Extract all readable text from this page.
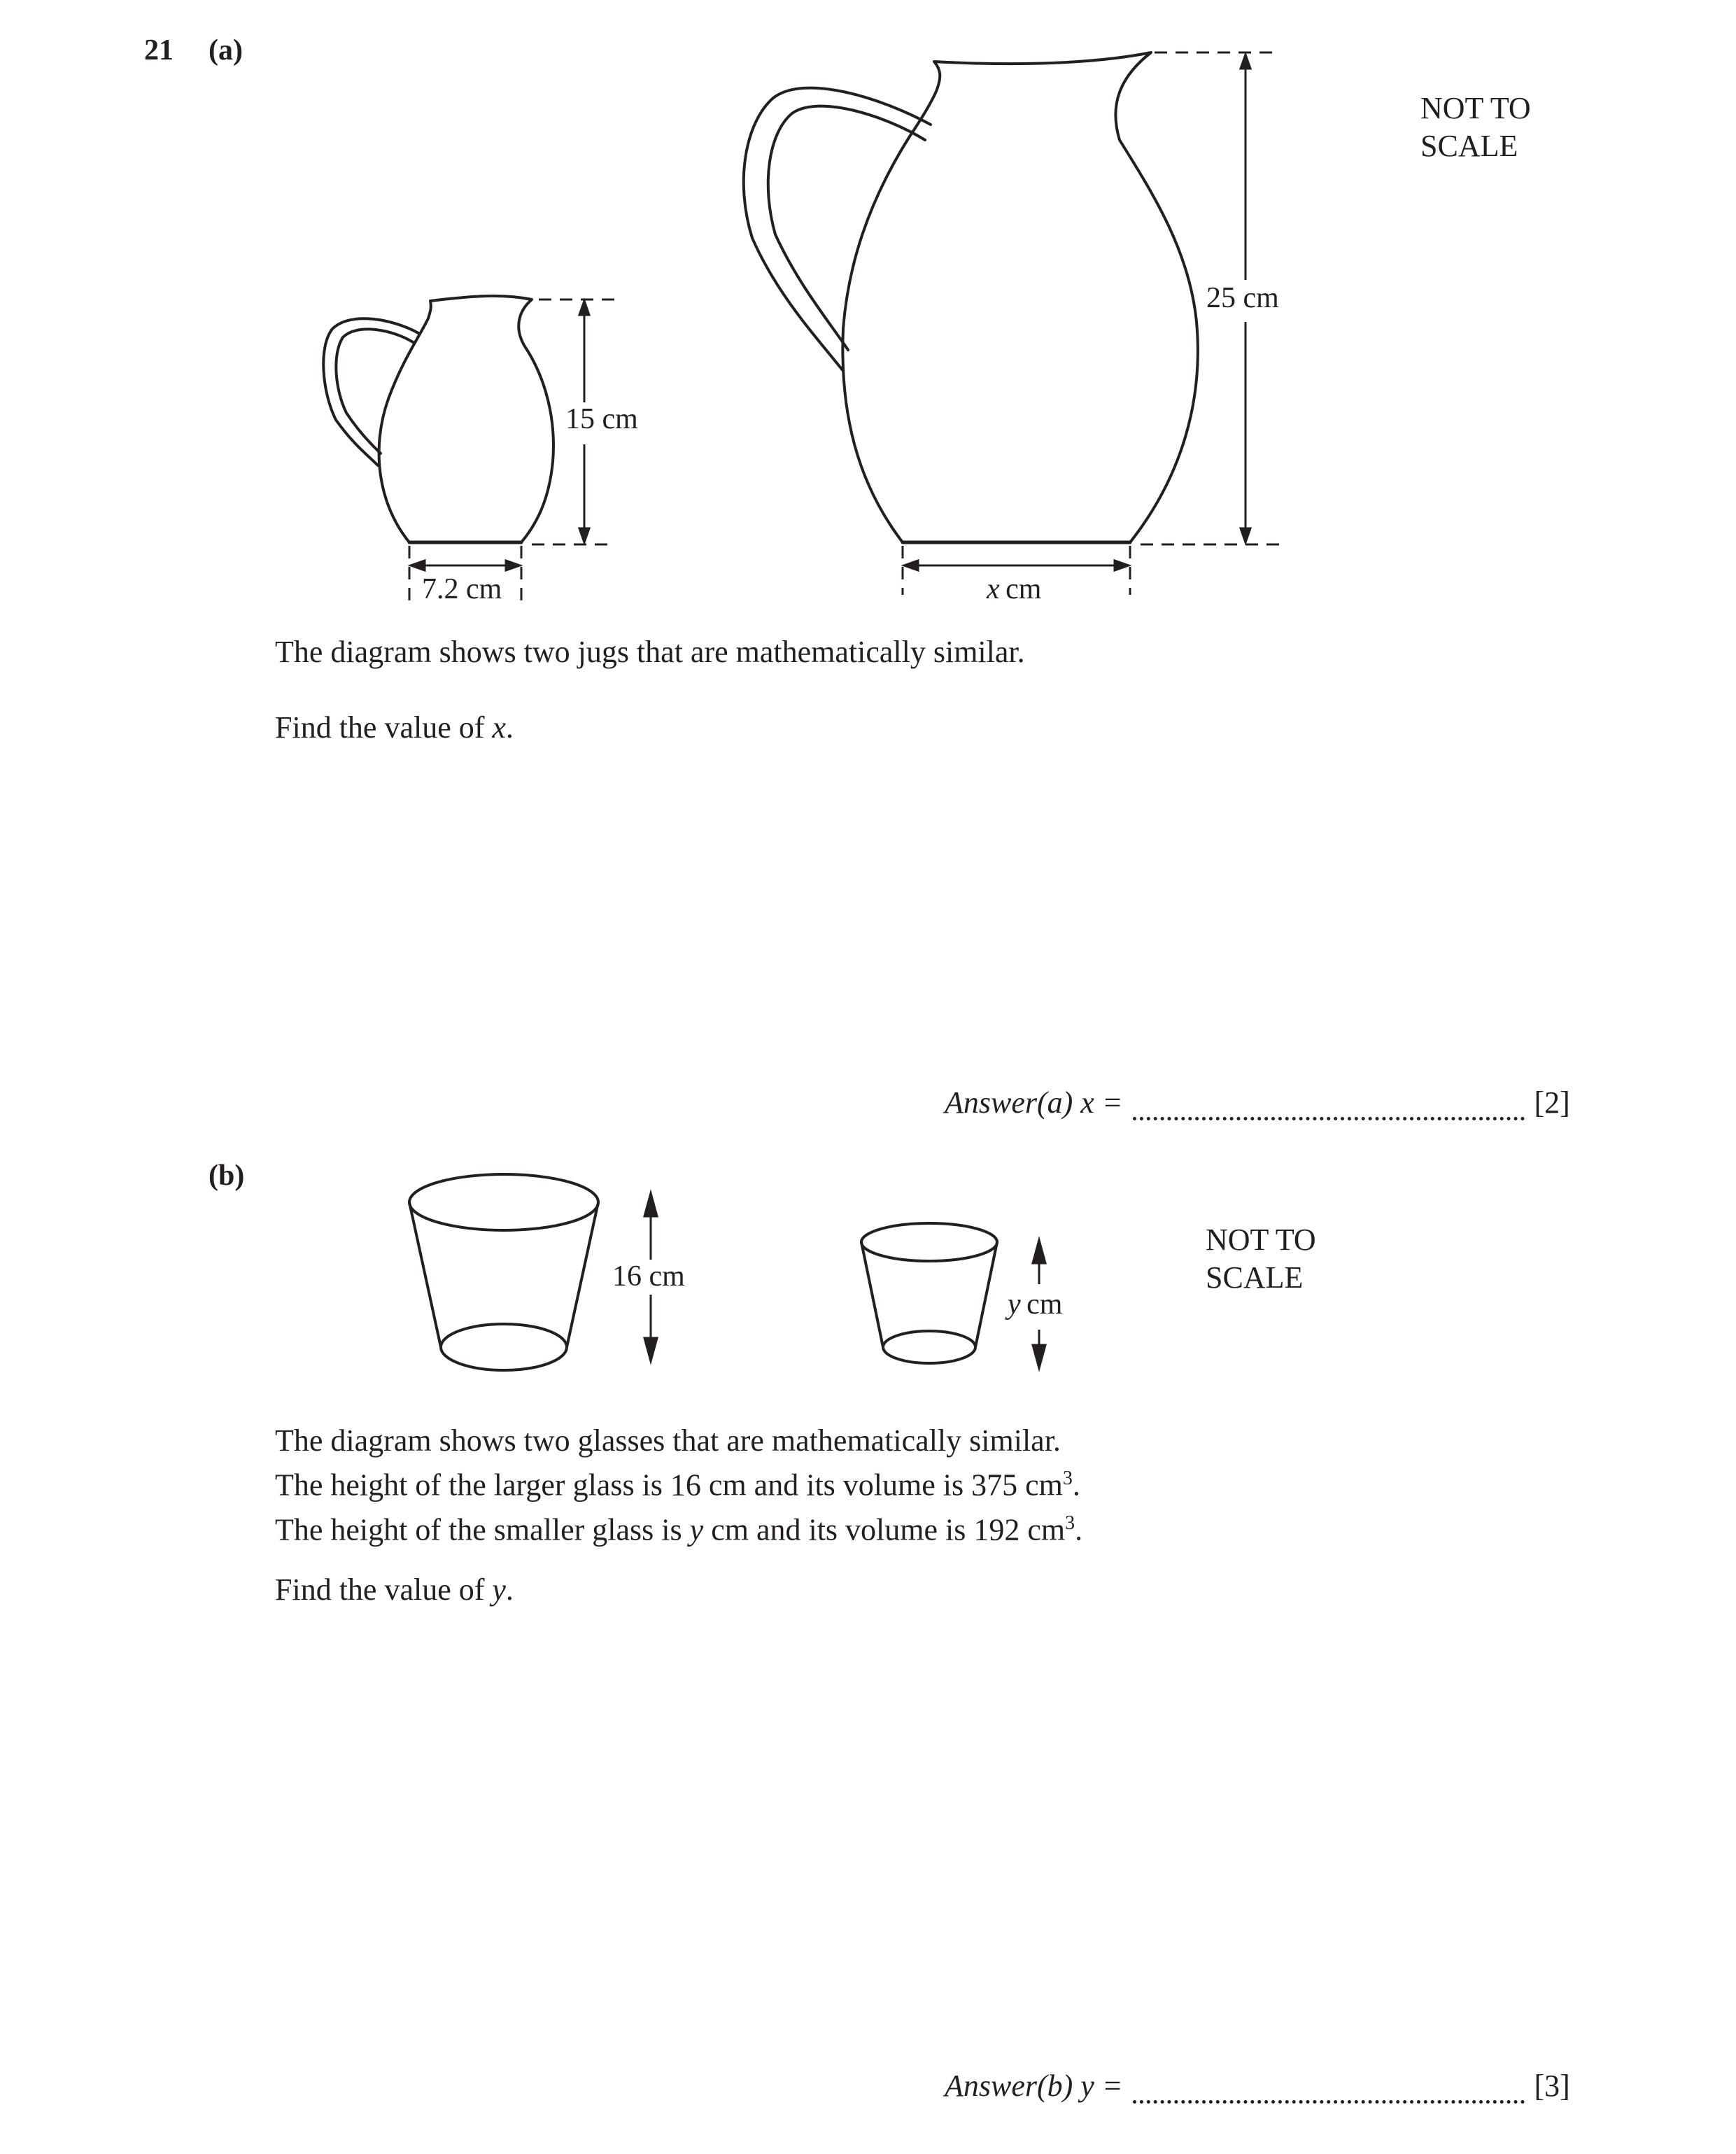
21 (a)
(b)
NOT TO
SCALE
15 cm
7.2 cm
25 cm
x  cm
The diagram shows two jugs that are mathematically similar.
Find the value of x.
Answer(a) x =	[2]
NOT TO
SCALE
16 cm
y  cm
The diagram shows two glasses that are mathematically similar.
The height of the larger glass is 16 cm and its volume is 375 $cm^3$.
The height of the smaller glass is y cm and its volume is 192 $cm^3$.
Find the value of y.
Answer(b) y =	[3]
